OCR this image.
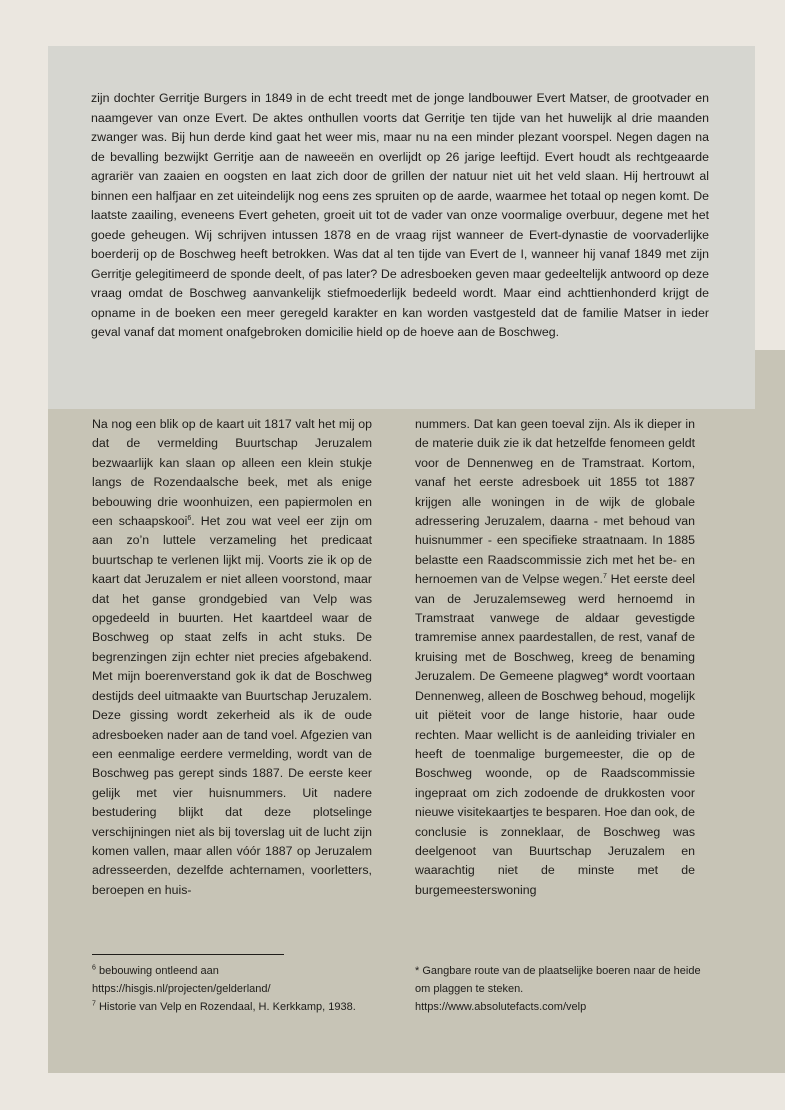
zijn dochter Gerritje Burgers in 1849 in de echt treedt met de jonge landbouwer Evert Matser, de grootvader en naamgever van onze Evert. De aktes onthullen voorts dat Gerritje ten tijde van het huwelijk al drie maanden zwanger was. Bij hun derde kind gaat het weer mis, maar nu na een minder plezant voorspel. Negen dagen na de bevalling bezwijkt Gerritje aan de naweeën en overlijdt op 26 jarige leeftijd. Evert houdt als rechtgeaarde agrariër van zaaien en oogsten en laat zich door de grillen der natuur niet uit het veld slaan. Hij hertrouwt al binnen een halfjaar en zet uiteindelijk nog eens zes spruiten op de aarde, waarmee het totaal op negen komt. De laatste zaailing, eveneens Evert geheten, groeit uit tot de vader van onze voormalige overbuur, degene met het goede geheugen. Wij schrijven intussen 1878 en de vraag rijst wanneer de Evert-dynastie de voorvaderlijke boerderij op de Boschweg heeft betrokken. Was dat al ten tijde van Evert de I, wanneer hij vanaf 1849 met zijn Gerritje gelegitimeerd de sponde deelt, of pas later? De adresboeken geven maar gedeeltelijk antwoord op deze vraag omdat de Boschweg aanvankelijk stiefmoederlijk bedeeld wordt. Maar eind achttienhonderd krijgt de opname in de boeken een meer geregeld karakter en kan worden vastgesteld dat de familie Matser in ieder geval vanaf dat moment onafgebroken domicilie hield op de hoeve aan de Boschweg.

Na nog een blik op de kaart uit 1817 valt het mij op dat de vermelding Buurtschap Jeruzalem bezwaarlijk kan slaan op alleen een klein stukje langs de Rozendaalsche beek, met als enige bebouwing drie woonhuizen, een papiermolen en een schaapskooi$^6$. Het zou wat veel eer zijn om aan zo’n luttele verzameling het predicaat buurtschap te verlenen lijkt mij. Voorts zie ik op de kaart dat Jeruzalem er niet alleen voorstond, maar dat het ganse grondgebied van Velp was opgedeeld in buurten. Het kaartdeel waar de Boschweg op staat zelfs in acht stuks. De begrenzingen zijn echter niet precies afgebakend. Met mijn boerenverstand gok ik dat de Boschweg destijds deel uitmaakte van Buurtschap Jeruzalem. Deze gissing wordt zekerheid als ik de oude adresboeken nader aan de tand voel. Afgezien van een eenmalige eerdere vermelding, wordt van de Boschweg pas gerept sinds 1887. De eerste keer gelijk met vier huisnummers. Uit nadere bestudering blijkt dat deze plotselinge verschijningen niet als bij toverslag uit de lucht zijn komen vallen, maar allen vóór 1887 op Jeruzalem adresseerden, dezelfde achternamen, voorletters, beroepen en huis-

nummers. Dat kan geen toeval zijn. Als ik dieper in de materie duik zie ik dat hetzelfde fenomeen geldt voor de Dennenweg en de Tramstraat. Kortom, vanaf het eerste adresboek uit 1855 tot 1887 krijgen alle woningen in de wijk de globale adressering Jeruzalem, daarna - met behoud van huisnummer - een specifieke straatnaam. In 1885 belastte een Raadscommissie zich met het be- en hernoemen van de Velpse wegen.$^7$ Het eerste deel van de Jeruzalemseweg werd hernoemd in Tramstraat vanwege de aldaar gevestigde tramremise annex paardestallen, de rest, vanaf de kruising met de Boschweg, kreeg de benaming Jeruzalem. De Gemeene plagweg* wordt voortaan Dennenweg, alleen de Boschweg behoud, mogelijk uit piëteit voor de lange historie, haar oude rechten. Maar wellicht is de aanleiding trivialer en heeft de toenmalige burgemeester, die op de Boschweg woonde, op de Raadscommissie ingepraat om zich zodoende de drukkosten voor nieuwe visitekaartjes te besparen. Hoe dan ook, de conclusie is zonneklaar, de Boschweg was deelgenoot van Buurtschap Jeruzalem en waarachtig niet de minste met de burgemeesterswoning

$^6$ bebouwing ontleend aan https://hisgis.nl/projecten/gelderland/

$^7$ Historie van Velp en Rozendaal, H. Kerkkamp, 1938.

* Gangbare route van de plaatselijke boeren naar de heide om plaggen te steken.

https://www.absolutefacts.com/velp
